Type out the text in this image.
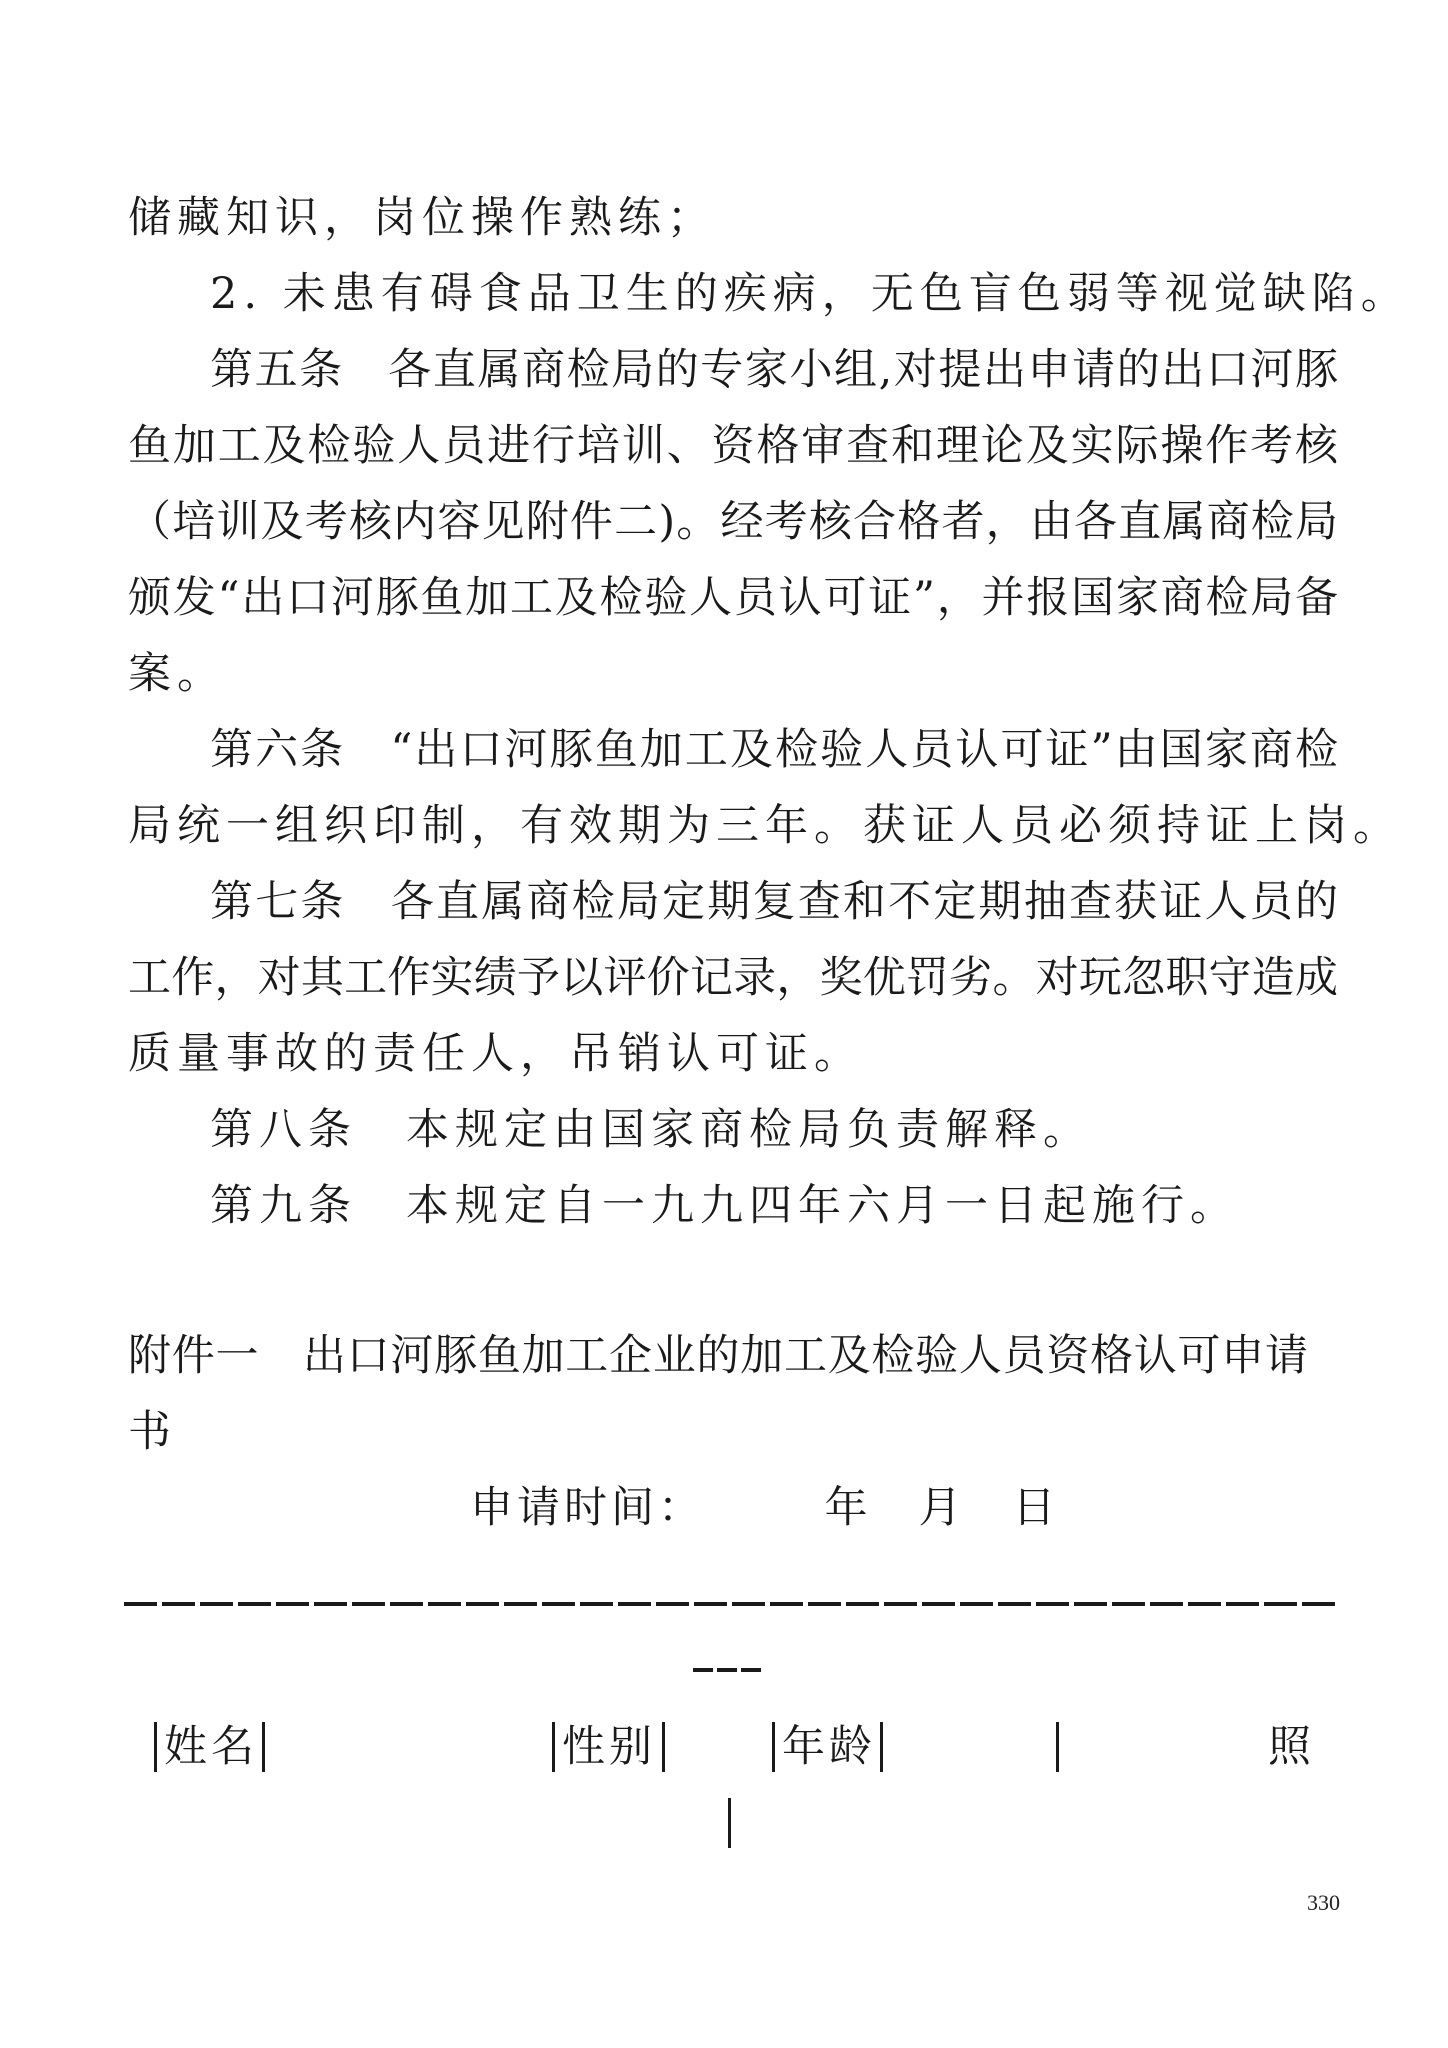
储藏知识，岗位操作熟练；
2. 未患有碍食品卫生的疾病，无色盲色弱等视觉缺陷。
第五条　各直属商检局的专家小组,对提出申请的出口河豚
鱼加工及检验人员进行培训、资格审查和理论及实际操作考核
（培训及考核内容见附件二)。经考核合格者，由各直属商检局
颁发“出口河豚鱼加工及检验人员认可证”，并报国家商检局备
案。
第六条　“出口河豚鱼加工及检验人员认可证”由国家商检
局统一组织印制，有效期为三年。获证人员必须持证上岗。
第七条　各直属商检局定期复查和不定期抽查获证人员的
工作，对其工作实绩予以评价记录，奖优罚劣。对玩忽职守造成
质量事故的责任人，吊销认可证。
第八条　本规定由国家商检局负责解释。
第九条　本规定自一九九四年六月一日起施行。
附件一　出口河豚鱼加工企业的加工及检验人员资格认可申请
书
申请时间：　　　年　月　日
姓名	性别	年龄	照
330
